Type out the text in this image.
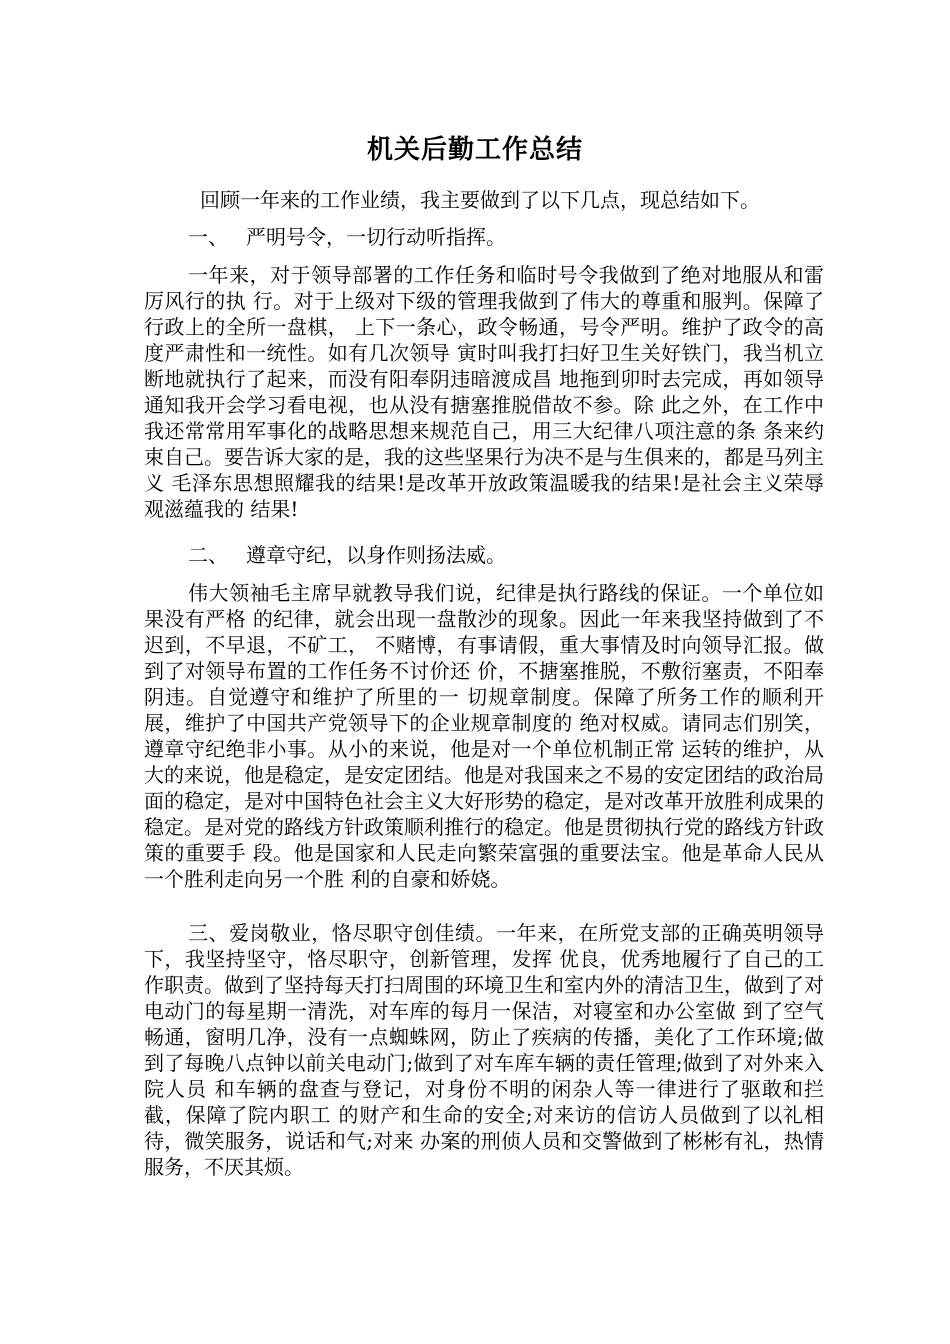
机关后勤工作总结
回顾一年来的工作业绩，我主要做到了以下几点，现总结如下。
一、 严明号令，一切行动听指挥。
一年来，对于领导部署的工作任务和临时号令我做到了绝对地服从和雷厉风行的执 行。对于上级对下级的管理我做到了伟大的尊重和服判。保障了行政上的全所一盘棋， 上下一条心，政令畅通，号令严明。维护了政令的高度严肃性和一统性。如有几次领导 寅时叫我打扫好卫生关好铁门，我当机立断地就执行了起来，而没有阳奉阴违暗渡成昌 地拖到卯时去完成，再如领导通知我开会学习看电视，也从没有搪塞推脱借故不参。除 此之外，在工作中我还常常用军事化的战略思想来规范自己，用三大纪律八项注意的条 条来约束自己。要告诉大家的是，我的这些坚果行为决不是与生俱来的，都是马列主义 毛泽东思想照耀我的结果!是改革开放政策温暖我的结果!是社会主义荣辱观滋蕴我的 结果!
二、 遵章守纪，以身作则扬法威。
伟大领袖毛主席早就教导我们说，纪律是执行路线的保证。一个单位如果没有严格 的纪律，就会出现一盘散沙的现象。因此一年来我坚持做到了不迟到，不早退，不矿工， 不赌博，有事请假，重大事情及时向领导汇报。做到了对领导布置的工作任务不讨价还 价，不搪塞推脱，不敷衍塞责，不阳奉阴违。自觉遵守和维护了所里的一 切规章制度。保障了所务工作的顺利开展，维护了中国共产党领导下的企业规章制度的 绝对权威。请同志们别笑，遵章守纪绝非小事。从小的来说，他是对一个单位机制正常 运转的维护，从大的来说，他是稳定，是安定团结。他是对我国来之不易的安定团结的政治局面的稳定，是对中国特色社会主义大好形势的稳定，是对改革开放胜利成果的稳定。是对党的路线方针政策顺利推行的稳定。他是贯彻执行党的路线方针政策的重要手 段。他是国家和人民走向繁荣富强的重要法宝。他是革命人民从一个胜利走向另一个胜 利的自豪和娇娆。
三、爱岗敬业，恪尽职守创佳绩。一年来，在所党支部的正确英明领导下，我坚持坚守，恪尽职守，创新管理，发挥 优良，优秀地履行了自己的工作职责。做到了坚持每天打扫周围的环境卫生和室内外的清洁卫生，做到了对电动门的每星期一清洗，对车库的每月一保洁，对寝室和办公室做 到了空气畅通，窗明几净，没有一点蜘蛛网，防止了疾病的传播，美化了工作环境;做 到了每晚八点钟以前关电动门;做到了对车库车辆的责任管理;做到了对外来入院人员 和车辆的盘查与登记，对身份不明的闲杂人等一律进行了驱敢和拦截，保障了院内职工 的财产和生命的安全;对来访的信访人员做到了以礼相待，微笑服务，说话和气;对来 办案的刑侦人员和交警做到了彬彬有礼，热情服务，不厌其烦。
